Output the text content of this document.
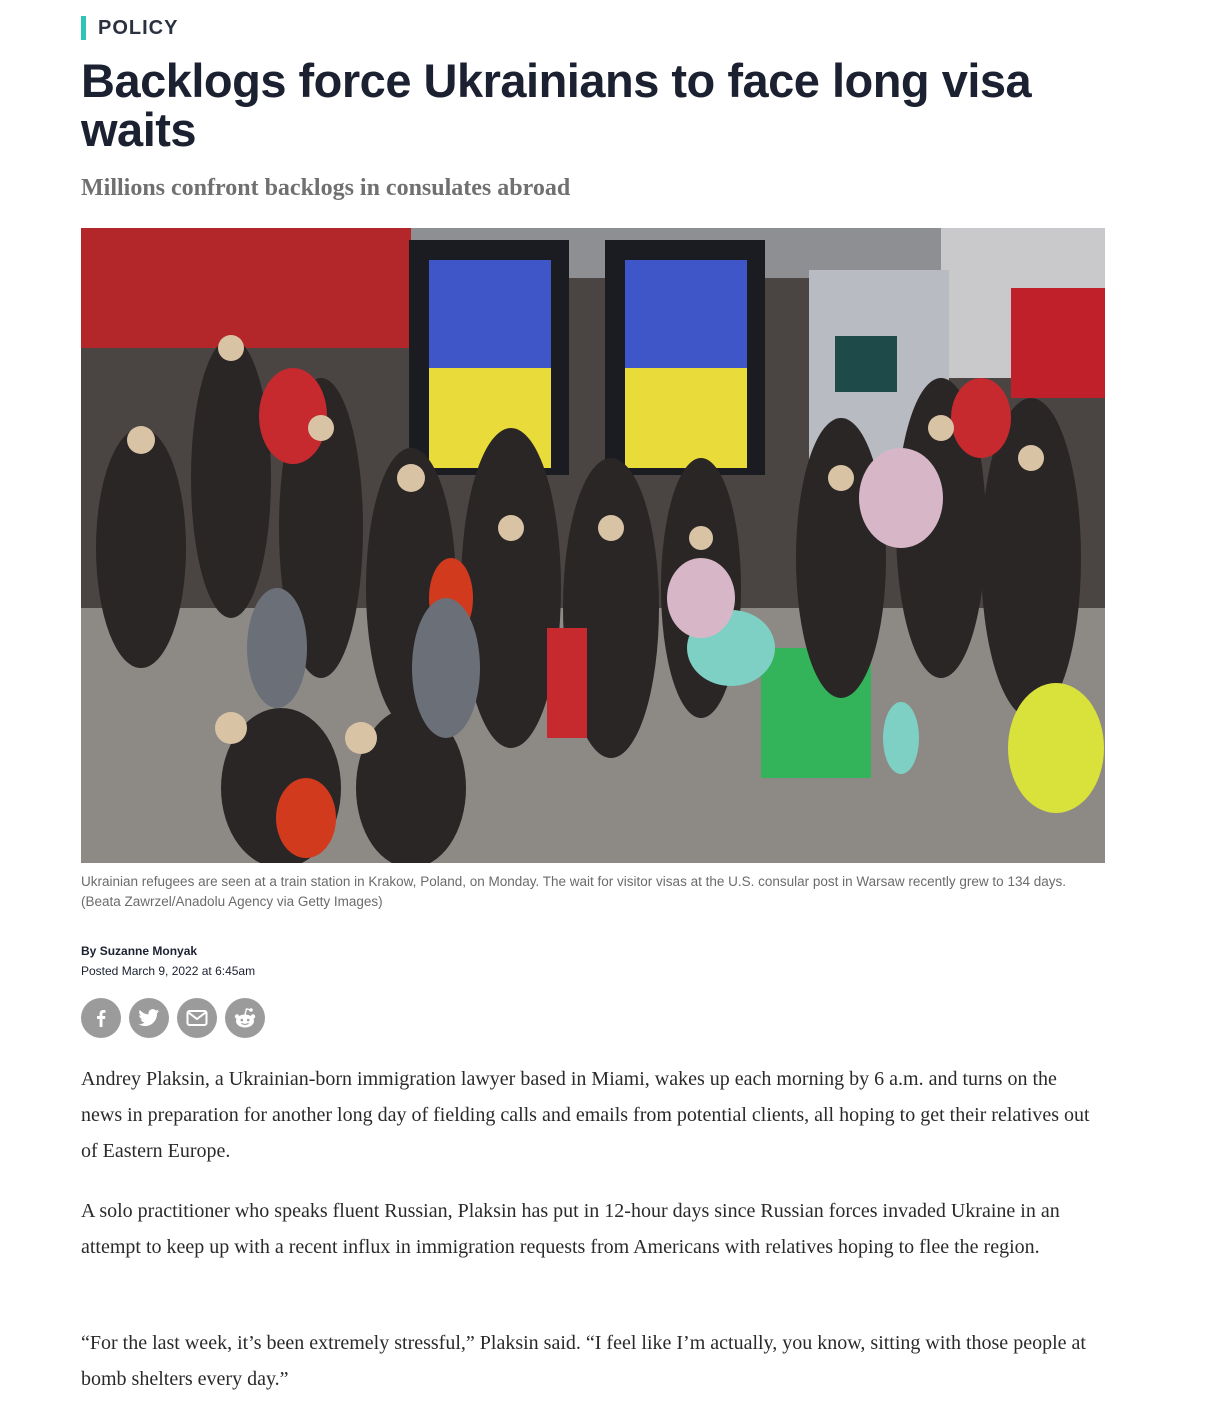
POLICY
Backlogs force Ukrainians to face long visa waits
Millions confront backlogs in consulates abroad

Ukrainian refugees are seen at a train station in Krakow, Poland, on Monday. The wait for visitor visas at the U.S. consular post in Warsaw recently grew to 134 days. (Beata Zawrzel/Anadolu Agency via Getty Images)

By Suzanne Monyak
Posted March 9, 2022 at 6:45am

Andrey Plaksin, a Ukrainian-born immigration lawyer based in Miami, wakes up each morning by 6 a.m. and turns on the news in preparation for another long day of fielding calls and emails from potential clients, all hoping to get their relatives out of Eastern Europe.

A solo practitioner who speaks fluent Russian, Plaksin has put in 12-hour days since Russian forces invaded Ukraine in an attempt to keep up with a recent influx in immigration requests from Americans with relatives hoping to flee the region.

“For the last week, it’s been extremely stressful,” Plaksin said. “I feel like I’m actually, you know, sitting with those people at bomb shelters every day.”
